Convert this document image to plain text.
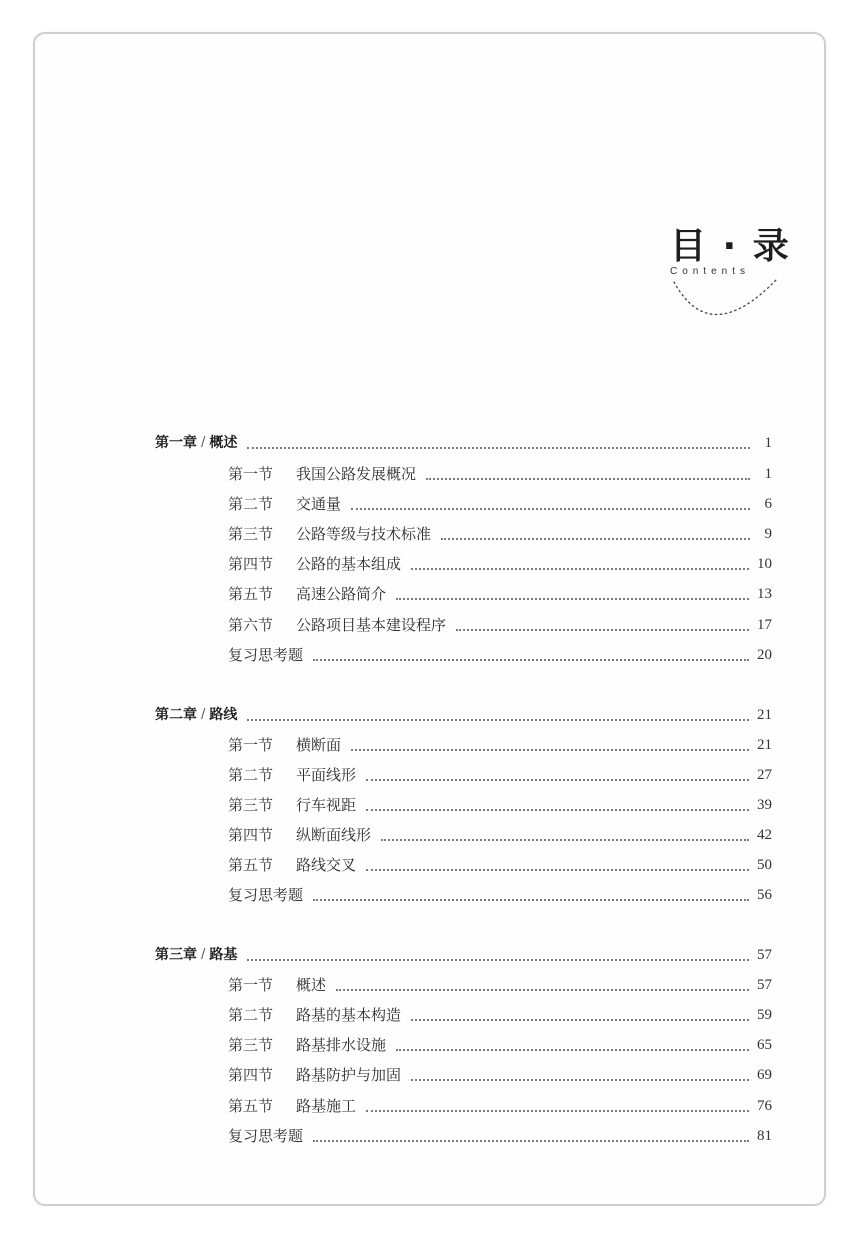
目 · 录
Contents
第一章 / 概述	1
第一节	我国公路发展概况	1
第二节	交通量	6
第三节	公路等级与技术标准	9
第四节	公路的基本组成	10
第五节	高速公路简介	13
第六节	公路项目基本建设程序	17
复习思考题	20
第二章 / 路线	21
第一节	横断面	21
第二节	平面线形	27
第三节	行车视距	39
第四节	纵断面线形	42
第五节	路线交叉	50
复习思考题	56
第三章 / 路基	57
第一节	概述	57
第二节	路基的基本构造	59
第三节	路基排水设施	65
第四节	路基防护与加固	69
第五节	路基施工	76
复习思考题	81
